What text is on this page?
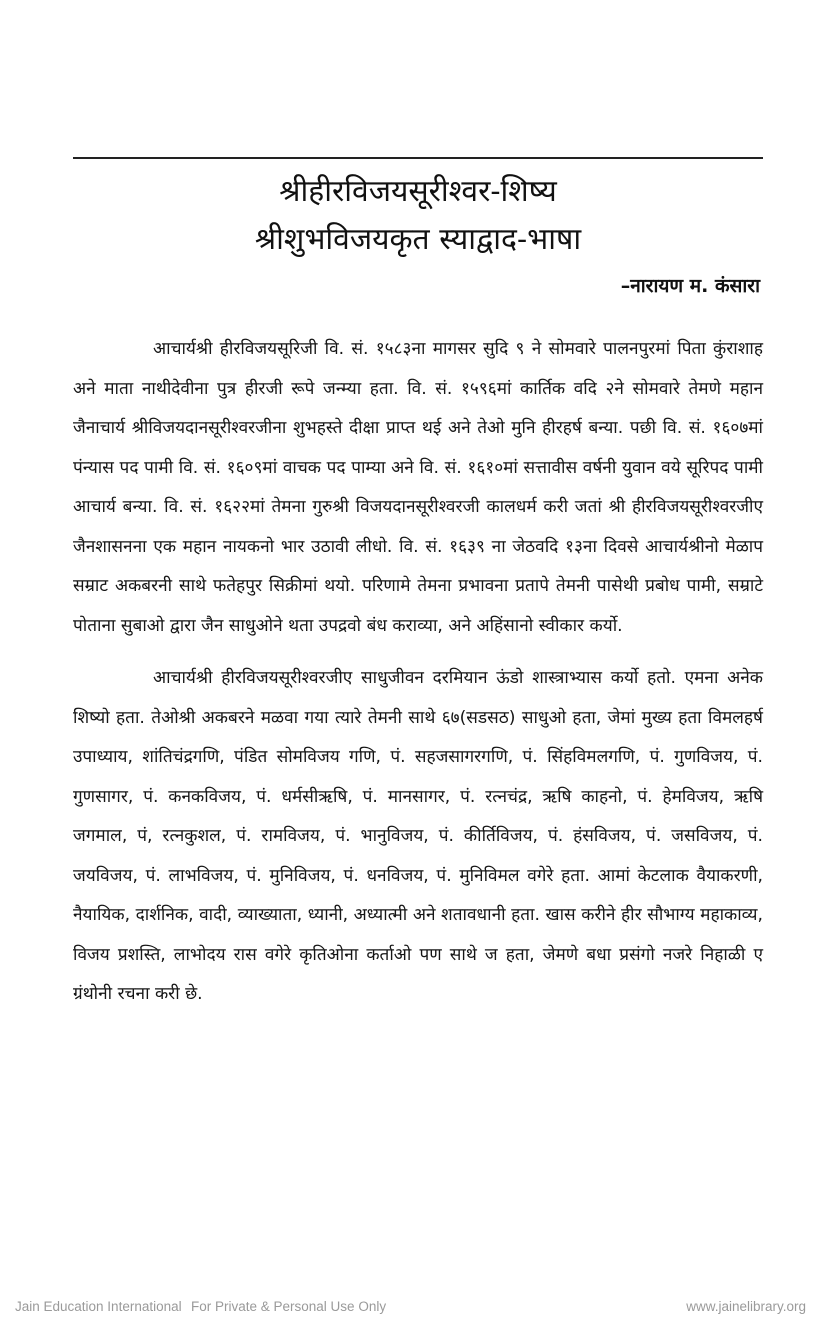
श्रीहीरविजयसूरीश्वर-शिष्य
श्रीशुभविजयकृत स्याद्वाद-भाषा
–नारायण म. कंसारा

आचार्यश्री हीरविजयसूरिजी वि. सं. १५८३ना मागसर सुदि ९ ने सोमवारे पालनपुरमां पिता कुंराशाह अने माता नाथीदेवीना पुत्र हीरजी रूपे जन्म्या हता. वि. सं. १५९६मां कार्तिक वदि २ने सोमवारे तेमणे महान जैनाचार्य श्रीविजयदानसूरीश्वरजीना शुभहस्ते दीक्षा प्राप्त थई अने तेओ मुनि हीरहर्ष बन्या. पछी वि. सं. १६०७मां पंन्यास पद पामी वि. सं. १६०९मां वाचक पद पाम्या अने वि. सं. १६१०मां सत्तावीस वर्षनी युवान वये सूरिपद पामी आचार्य बन्या. वि. सं. १६२२मां तेमना गुरुश्री विजयदानसूरीश्वरजी कालधर्म करी जतां श्री हीरविजयसूरीश्वरजीए जैनशासनना एक महान नायकनो भार उठावी लीधो. वि. सं. १६३९ ना जेठवदि १३ना दिवसे आचार्यश्रीनो मेळाप सम्राट अकबरनी साथे फतेहपुर सिक्रीमां थयो. परिणामे तेमना प्रभावना प्रतापे तेमनी पासेथी प्रबोध पामी, सम्राटे पोताना सुबाओ द्वारा जैन साधुओने थता उपद्रवो बंध कराव्या, अने अहिंसानो स्वीकार कर्यो.

आचार्यश्री हीरविजयसूरीश्वरजीए साधुजीवन दरमियान ऊंडो शास्त्राभ्यास कर्यो हतो. एमना अनेक शिष्यो हता. तेओश्री अकबरने मळवा गया त्यारे तेमनी साथे ६७(सडसठ) साधुओ हता, जेमां मुख्य हता विमलहर्ष उपाध्याय, शांतिचंद्रगणि, पंडित सोमविजय गणि, पं. सहजसागरगणि, पं. सिंहविमलगणि, पं. गुणविजय, पं. गुणसागर, पं. कनकविजय, पं. धर्मसीऋषि, पं. मानसागर, पं. रत्नचंद्र, ऋषि काहनो, पं. हेमविजय, ऋषि जगमाल, पं, रत्नकुशल, पं. रामविजय, पं. भानुविजय, पं. कीर्तिविजय, पं. हंसविजय, पं. जसविजय, पं. जयविजय, पं. लाभविजय, पं. मुनिविजय, पं. धनविजय, पं. मुनिविमल वगेरे हता. आमां केटलाक वैयाकरणी, नैयायिक, दार्शनिक, वादी, व्याख्याता, ध्यानी, अध्यात्मी अने शतावधानी हता. खास करीने हीर सौभाग्य महाकाव्य, विजय प्रशस्ति, लाभोदय रास वगेरे कृतिओना कर्ताओ पण साथे ज हता, जेमणे बधा प्रसंगो नजरे निहाळी ए ग्रंथोनी रचना करी छे.

Jain Education International For Private & Personal Use Only	www.jainelibrary.org
